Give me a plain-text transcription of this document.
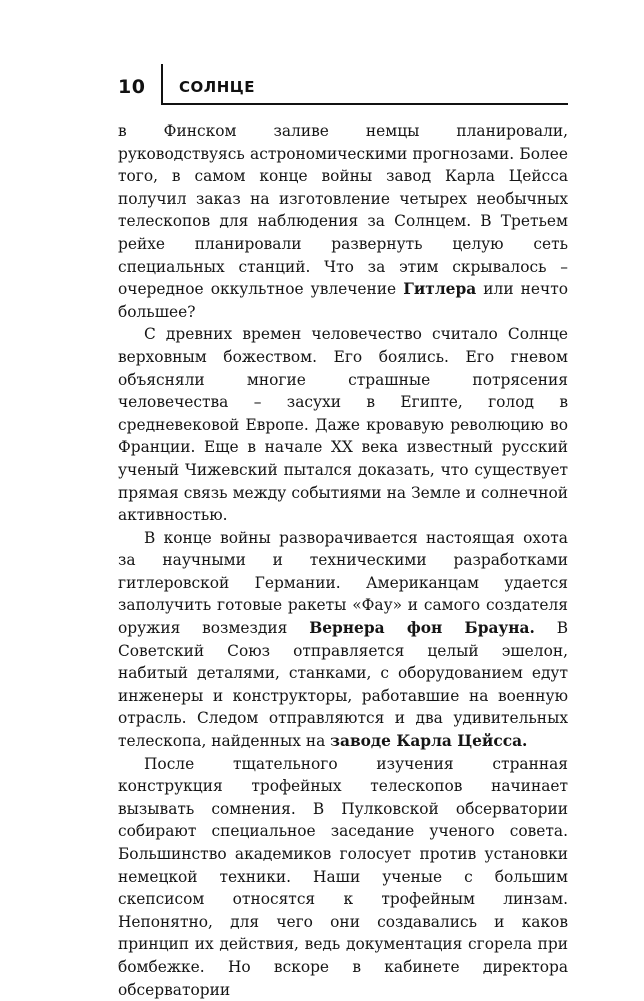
10 СОЛНЦЕ

в Финском заливе немцы планировали, руководствуясь астрономическими прогнозами. Более того, в самом конце войны завод Карла Цейсса получил заказ на изготовление четырех необычных телескопов для наблюдения за Солнцем. В Третьем рейхе планировали развернуть целую сеть специальных станций. Что за этим скрывалось – очередное оккультное увлечение Гитлера или нечто большее?

С древних времен человечество считало Солнце верховным божеством. Его боялись. Его гневом объясняли многие страшные потрясения человечества – засухи в Египте, голод в средневековой Европе. Даже кровавую революцию во Франции. Еще в начале XX века известный русский ученый Чижевский пытался доказать, что существует прямая связь между событиями на Земле и солнечной активностью.

В конце войны разворачивается настоящая охота за научными и техническими разработками гитлеровской Германии. Американцам удается заполучить готовые ракеты «Фау» и самого создателя оружия возмездия Вернера фон Брауна. В Советский Союз отправляется целый эшелон, набитый деталями, станками, с оборудованием едут инженеры и конструкторы, работавшие на военную отрасль. Следом отправляются и два удивительных телескопа, найденных на заводе Карла Цейсса.

После тщательного изучения странная конструкция трофейных телескопов начинает вызывать сомнения. В Пулковской обсерватории собирают специальное заседание ученого совета. Большинство академиков голосует против установки немецкой техники. Наши ученые с большим скепсисом относятся к трофейным линзам. Непонятно, для чего они создавались и каков принцип их действия, ведь документация сгорела при бомбежке. Но вскоре в кабинете директора обсерватории
